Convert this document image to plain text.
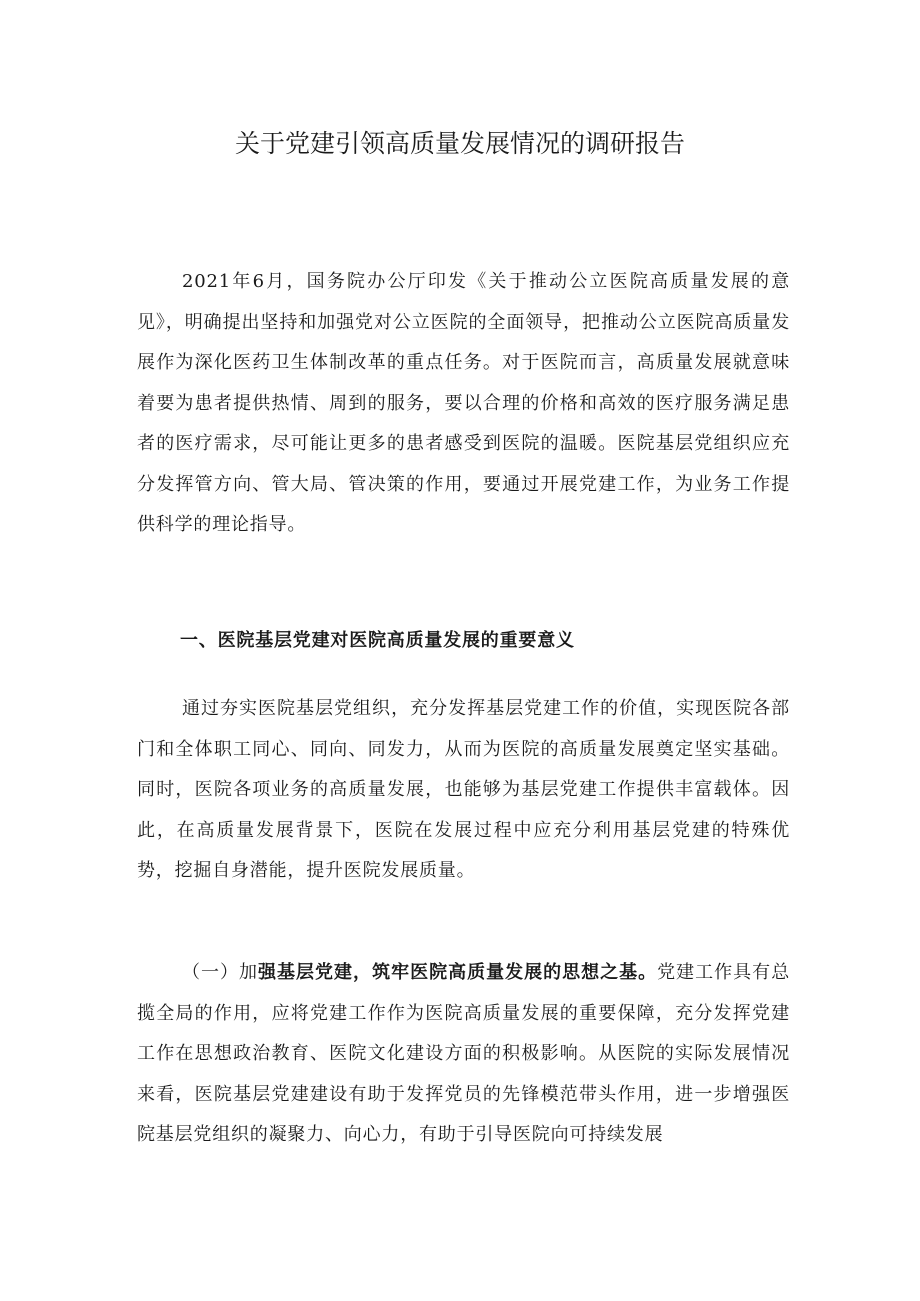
关于党建引领高质量发展情况的调研报告

2021年6月，国务院办公厅印发《关于推动公立医院高质量发展的意见》，明确提出坚持和加强党对公立医院的全面领导，把推动公立医院高质量发展作为深化医药卫生体制改革的重点任务。对于医院而言，高质量发展就意味着要为患者提供热情、周到的服务，要以合理的价格和高效的医疗服务满足患者的医疗需求，尽可能让更多的患者感受到医院的温暖。医院基层党组织应充分发挥管方向、管大局、管决策的作用，要通过开展党建工作，为业务工作提供科学的理论指导。

一、医院基层党建对医院高质量发展的重要意义

通过夯实医院基层党组织，充分发挥基层党建工作的价值，实现医院各部门和全体职工同心、同向、同发力，从而为医院的高质量发展奠定坚实基础。同时，医院各项业务的高质量发展，也能够为基层党建工作提供丰富载体。因此，在高质量发展背景下，医院在发展过程中应充分利用基层党建的特殊优势，挖掘自身潜能，提升医院发展质量。

（一）加强基层党建，筑牢医院高质量发展的思想之基。党建工作具有总揽全局的作用，应将党建工作作为医院高质量发展的重要保障，充分发挥党建工作在思想政治教育、医院文化建设方面的积极影响。从医院的实际发展情况来看，医院基层党建建设有助于发挥党员的先锋模范带头作用，进一步增强医院基层党组织的凝聚力、向心力，有助于引导医院向可持续发展
